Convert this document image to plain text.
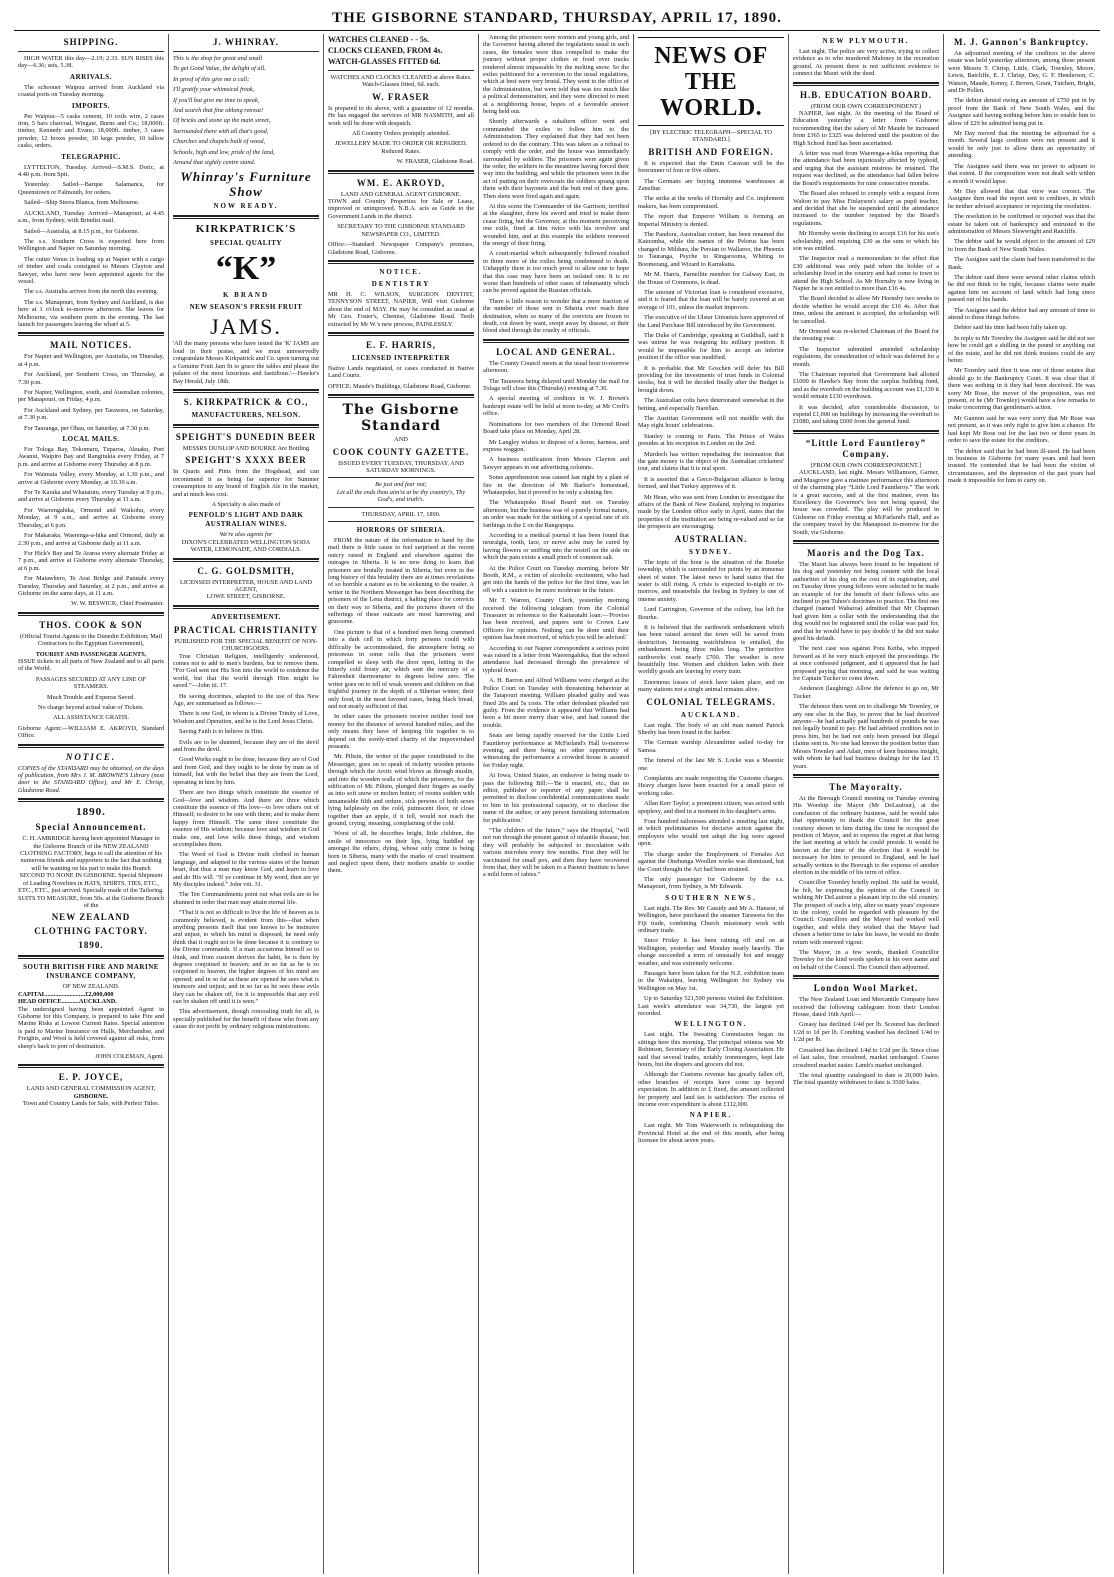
THE GISBORNE STANDARD, THURSDAY, APRIL 17, 1890.
SHIPPING.

HIGH WATER this day—2.19; 2.33. SUN RISES this day—6.36; sets, 5.38.

ARRIVALS.

The schooner Waipuu arrived from Auckland via coastal ports on Tuesday morning.

IMPORTS.

Per Waipuu—5 casks cement, 10 coils wire, 2 cases iron, 5 bars charcoal, Wingate, Burns and Co.; 18,000ft. timber, Kennedy and Evans; 18,000ft. timber, 3 cases powder, 12 boxes powder, 30 kegs powder, 10 tallow casks, orders.

TELEGRAPHIC.

LYTTELTON, Tuesday. Arrived—S.M.S. Doric, at 4.40 p.m. from Spit.

Yesterday. Sailed—Barque Salamanca, for Queenstown or Falmouth, for orders.

Sailed—Ship Sierra Blanca, from Melbourne.

AUCKLAND, Tuesday. Arrived—Manapouri, at 4.45 a.m., from Sydney, with Brindisi mail.

Sailed—Australia, at 8.15 p.m., for Gisborne.

The s.s. Southern Cross is expected here from Wellington and Napier on Saturday morning.

The cutter Venus is loading up at Napier with a cargo of timber and coals consigned to Messrs Clayton and Sawyer, who have now been appointed agents for the vessel.

The s.s. Australia arrives from the north this evening.

The s.s. Manapouri, from Sydney and Auckland, is due here at 1 o'clock to-morrow afternoon. She leaves for Melbourne, via southern ports in the evening. The last launch for passengers leaving the wharf at 5.

MAIL NOTICES.

For Napier and Wellington, per Australia, on Thursday, at 4 p.m.

For Auckland, per Southern Cross, on Thursday, at 7.30 p.m.

For Napier, Wellington, south, and Australian colonies, per Manapouri, on Friday, 4 p.m.

For Auckland and Sydney, per Tarawera, on Saturday, at 7.30 p.m.

For Tauranga, per Ohau, on Saturday, at 7.30 p.m.

LOCAL MAILS.

For Tologa Bay, Tokomaru, Tuparoa, Akuaku, Port Awanui, Waipiro Bay and Rangitukia every Friday, at 7 p.m. and arrive at Gisborne every Thursday at 8 p.m.

For Waimata Valley, every Monday, at 1.30 p.m., and arrive at Gisborne every Monday, at 10.30 a.m.

For Te Karaka and Whatatutu, every Tuesday at 9 p.m., and arrive at Gisborne every Thursday at 11 a.m.

For Waerengahika, Ormond and Waikohu, every Monday, at 9 a.m., and arrive at Gisborne every Thursday, at 6 p.m.

For Makaraka, Waerenga-a-hika and Ormond, daily at 2.30 p.m., and arrive at Gisborne daily at 11 a.m.

For Hick's Bay and Te Araroa every alternate Friday at 7 p.m., and arrive at Gisborne every alternate Thursday, at 6 p.m.

For Matawhero, Te Arai Bridge and Patutahi every Tuesday, Thursday and Saturday, at 2 p.m., and arrive at Gisborne on the same days, at 11 a.m.

W. W. BESWICK, Chief Postmaster.
THOS. COOK & SON

(Official Tourist Agents to the Dunedin Exhibition; Mail Contractors to the Egyptian Government),

TOURIST AND PASSENGER AGENTS,

ISSUE tickets to all parts of New Zealand and to all parts of the World.

PASSAGES SECURED AT ANY LINE OF STEAMERS.

Much Trouble and Expense Saved.

No charge beyond actual value of Tickets.

ALL ASSISTANCE GRATIS.

Gisborne Agent:—WILLIAM E. AKROYD, Standard Office.

NOTICE.

COPIES of the STANDARD may be obtained, on the days of publication, from Mrs J. M. BROWNE'S Library (next door to the STANDARD Office), and Mr E. Chrisp, Gladstone Road.

1890.
Special Announcement.

C. H. AMBRIDGE having been appointed Manager to the Gisborne Branch of the NEW ZEALAND CLOTHING FACTORY, begs to call the attention of his numerous friends and supporters to the fact that nothing will be wanting on his part to make this Branch SECOND TO NONE IN GISBORNE. Special Shipment of Leading Novelties in HATS, SHIRTS, TIES, ETC., ETC., ETC., just arrived. Specially made of the Tailoring. SUITS TO MEASURE, from 50s. at the Gisborne Branch of the

NEW ZEALAND
CLOTHING FACTORY.
1890.
SOUTH BRITISH FIRE AND MARINE INSURANCE COMPANY,
OF NEW ZEALAND.
CAPITAL.........................£2,000,000
HEAD OFFICE...........AUCKLAND.

The undersigned having been appointed Agent in Gisborne for this Company, is prepared to take Fire and Marine Risks at Lowest Current Rates. Special attention is paid to Marine Insurance on Hulls, Merchandise, and Freights, and Wool is held covered against all risks, from sheep's back to port of destination.

JOHN COLEMAN, Agent.
E. P. JOYCE,
LAND AND GENERAL COMMISSION AGENT,
GISBORNE.
Town and Country Lands for Sale, with Perfect Titles.
J. WHINRAY.

This is the shop for great and small

To get Good Value, the delight of all.

In proof of this give me a call;

I'll gratify your whimsical freak,

If you'll but give me time to speak,

And search that fine oblong retreat!

Of bricks and stone up the main street,

Surrounded there with all that's good,

Churches and chapels built of wood,

Schools, high and low, pride of the land,

Around that sightly centre stand.

Whinray's Furniture Show
NOW READY.
KIRKPATRICK'S
SPECIAL QUALITY
“K”
K BRAND
NEW SEASON'S FRESH FRUIT
JAMS.

'All the many persons who have tested the 'K' JAMS are loud in their praise, and we must unreservedly congratulate Messrs Kirkpatrick and Co. upon turning out a Genuine Fruit Jam fit to grace the tables and please the palates of the most luxurious and fastidious.'—Hawke's Bay Herald, July 18th.

S. KIRKPATRICK & CO.,
MANUFACTURERS, NELSON.
SPEIGHT'S DUNEDIN BEER
MESSRS DUNLOP AND BOURKE Are Bottling
SPEIGHT'S XXXX BEER

In Quarts and Pints from the Hogshead, and can recommend it as being far superior for Summer consumption to any brand of English Ale in the market, and at much less cost.

A Specialty is also made of
PENFOLD'S LIGHT AND DARK AUSTRALIAN WINES.
We're also agents for
DIXON'S CELEBRATED WELLINGTON SODA WATER, LEMONADE, AND CORDIALS.
C. G. GOLDSMITH,
LICENSED INTERPRETER, HOUSE AND LAND AGENT,
LOWE STREET, GISBORNE.
ADVERTISEMENT.
PRACTICAL CHRISTIANITY
PUBLISHED FOR THE SPECIAL BENEFIT OF NON-CHURCHGOERS.

True Christian Religion, intelligently understood, comes not to add to men's burdens, but to remove them. “For God sent not His Son into the world to condemn the world, but that the world through Him might be saved.”—John iii. 17.

He saving doctrines, adapted to the use of this New Age, are summarised as follows:—

There is one God, in whom is a Divine Trinity of Love, Wisdom and Operation, and he is the Lord Jesus Christ.

Saving Faith is to believe in Him.

Evils are to be shunned, because they are of the devil and from the devil.

Good Works ought to be done, because they are of God and from God, and they ought to be done by man as of himself, but with the belief that they are from the Lord, operating in him by him.

There are two things which constitute the essence of God—love and wisdom. And there are three which constitute the essence of His love—to love others out of Himself; to desire to be one with them; and to make them happy from Himself. The same three constitute the essence of His wisdom; because love and wisdom in God make one, and love wills these things, and wisdom accomplishes them.

The Word of God is Divine truth clothed in human language, and adapted to the various states of the human heart, that thus a man may know God, and learn to love and do His will. “If ye continue in My word, then are ye My disciples indeed.” John viii. 31.

The Ten Commandments point out what evils are to be shunned in order that man may attain eternal life.

“That it is not so difficult to live the life of heaven as is commonly believed, is evident from this—that when anything presents itself that one knows to be insincere and unjust, to which his mind is disposed, he need only think that it ought not to be done because it is contrary to the Divine commands. If a man accustoms himself so to think, and from custom derives the habit, he is then by degrees conjoined to heaven; and in so far as he is so conjoined to heaven, the higher degrees of his mind are opened; and in so far as these are opened he sees what is insincere and unjust; and in so far as he sees these evils they can be shaken off, for it is impossible that any evil can be shaken off until it is seen.”

This advertisement, though concealing truth for all, is specially published for the benefit of those who from any cause do not profit by ordinary religious ministrations.

WATCHES CLEANED - - 5s.
CLOCKS CLEANED, FROM 4s.
WATCH-GLASSES FITTED 6d.

WATCHES AND CLOCKS CLEANED at above Rates. Watch-Glasses fitted, 6d. each.

W. FRASER

Is prepared to do above, with a guarantee of 12 months. He has engaged the services of MR NASMITH, and all work will be done with despatch.

All Country Orders promptly attended.

JEWELLERY MADE TO ORDER OR REPAIRED. Reduced Rates.

W. FRASER, Gladstone Road.
WM. E. AKROYD,
LAND AND GENERAL AGENT GISBORNE.

TOWN and Country Properties for Sale or Lease, improved or unimproved. N.B.A. acts as Guide to the Government Lands in the district.

SECRETARY TO THE GISBORNE STANDARD NEWSPAPER CO., LIMITED.

Office:—Standard Newspaper Company's premises, Gladstone Road, Gisborne.

NOTICE.
DENTISTRY

MR H. C. WILSON, SURGEON DENTIST, TENNYSON STREET, NAPIER, Will visit Gisborne about the end of MAY. He may be consulted as usual at Mr Geo. Foster's, Chemist, Gladstone Road. Teeth extracted by Mr W.'s new process, PAINLESSLY.

E. F. HARRIS,
LICENSED INTERPRETER

Native Lands negotiated, or cases conducted in Native Land Courts.

OFFICE: Maude's Buildings, Gladstone Road, Gisborne.

The Gisborne Standard
AND
COOK COUNTY GAZETTE.
ISSUED EVERY TUESDAY, THURSDAY, AND SATURDAY MORNINGS.
Be just and fear not;
Let all the ends thou aim'st at be thy country's, Thy God's, and truth's.
THURSDAY, APRIL 17, 1890.
HORRORS OF SIBERIA.

FROM the nature of the information to hand by the mail there is little cause to feel surprised at the recent outcry raised in England and elsewhere against the outrages in Siberia. It is no new thing to learn that prisoners are brutally treated in Siberia, but even in the long history of this brutality there are at times revelations of so horrible a nature as to be sickening to the reader. A writer in the Northern Messenger has been describing the prisoners of the Lena district, a halting place for convicts on their way to Siberia, and the pictures drawn of the sufferings of these outcasts are most harrowing and gruesome.

One picture is that of a hundred men being crammed into a dark cell in which forty persons could with difficulty be accommodated, the atmosphere being so poisonous in some cells that the prisoners were compelled to sleep with the door open, letting in the bitterly cold frosty air, which sent the mercury of a Fahrenheit thermometer to degrees below zero. The writer goes on to tell of weak women and children on that frightful journey in the depth of a Siberian winter, their only food, in the most favored cases, being black bread, and not nearly sufficient of that.

In other cases the prisoners receive neither food nor money for the distance of several hundred miles, and the only means they have of keeping life together is to depend on the sorely-tried charity of the impoverished peasants.

Mr. Piltsin, the writer of the paper contributed to the Messenger, goes on to speak of ricketty wooden prisons through which the Arctic wind blows as through muslin, and into the wooden walls of which the prisoners, for the edification of Mr. Piltsin, plunged their fingers as easily as into soft snow or molten butter; of rooms sodden with unnameable filth and ordure, sick persons of both sexes lying helplessly on the cold, putrescent floor, or close together than an apple, if it fell, would not reach the ground, crying, moaning, complaining of the cold.

Worst of all, he describes bright, little children, the smile of innocence on their lips, lying huddled up amongst the others, dying, whose only crime is being born in Siberia, many with the marks of cruel treatment and neglect upon them, their mothers unable to soothe them.

Among the prisoners were women and young girls, and the Governor having altered the regulations usual in such cases, the females were thus compelled to make the journey without proper clothes or food over tracks rendered almost impassable by the melting snow. So the exiles petitioned for a reversion to the usual regulations, which at best were very brutal. They went to the office of the Administration, but were told that was too much like a political demonstration, and they were directed to meet at a neighboring house, hopes of a favorable answer being held out.

Shortly afterwards a subaltern officer went and commanded the exiles to follow him to the Administration. They explained that they had not been ordered to do the contrary. This was taken as a refusal to comply with the order, and the house was immediately surrounded by soldiers. The prisoners were again given the order, the soldiers in the meantime having forced their way into the building, and while the prisoners were in the act of putting on their overcoats the soldiers sprang upon them with their bayonets and the butt end of their guns. Then shots were fired again and again.

At this scene the Commander of the Garrison, terrified at the slaughter, drew his sword and tried to make them cease firing, but the Governor, at this moment perceiving one exile, fired at him twice with his revolver and wounded him, and at this example the soldiers renewed the energy of their firing.

A court-martial which subsequently followed resulted in three more of the exiles being condemned to death. Unhappily there is too much proof to allow one to hope that this case may have been an isolated one. It is no worse than hundreds of other cases of inhumanity which can be proved against the Russian officials.

There is little reason to wonder that a mere fraction of the number of those sent to Siberia ever reach their destination, when so many of the convicts are frozen to death, cut down by want, swept away by disease, or their blood shed through the cruelty of officials.

LOCAL AND GENERAL.

The County Council meets at the usual hour to-morrow afternoon.

The Tarawera being delayed until Monday the mail for Tolaga will close this (Thursday) evening at 7.30.

A special meeting of creditors in W. J. Brown's bankrupt estate will be held at noon to-day, at Mr Croft's office.

Nominations for two members of the Ormond Road Board take place on Monday, April 28.

Mr Langley wishes to dispose of a horse, harness, and express waggon.

A business notification from Messrs Clayton and Sawyer appears in our advertising columns.

Some apprehension was caused last night by a plant of fire in the direction of Mr Barker's homestead, Whataupoko, but it proved to be only a shining fire.

The Whataupoko Road Board met on Tuesday afternoon, but the business was of a purely formal nature, an order was made for the striking of a special rate of six farthings in the £ on the Rangopapa.

According to a medical journal it has been found that neuralgia, tooth, face, or nerve ache may be cured by having flowers or sniffing into the nostril on the side on which the pain exists a small pinch of common salt.

At the Police Court on Tuesday morning, before Mr Booth, R.M., a victim of alcoholic excitement, who had got into the hands of the police for the first time, was let off with a caution to be more moderate in the future.

Mr T. Warren, County Clerk, yesterday morning received the following telegram from the Colonial Treasurer in reference to the Kaitaratahi loan:—'Proviso has been received, and papers sent to Crown Law Officers for opinion. Nothing can be done until their opinion has been received, of which you will be advised.'

According to our Napier correspondent a serious point was raised in a letter from Waerengahika, that the school attendance had decreased through the prevalence of typhoid fever.

A. H. Barron and Alfred Williams were charged at the Police Court on Tuesday with threatening behaviour at the Tatapouri meeting. William pleaded guilty and was fined 20s and 5s costs. The other defendant pleaded not guilty. From the evidence it appeared that Williams had been a bit more merry than wise, and had caused the trouble.

Seats are being rapidly reserved for the Little Lord Fauntleroy performance at McFarland's Hall to-morrow evening, and there being no other opportunity of witnessing the performance a crowded house is assured for Friday night.

At Iowa, United States, an endeavor is being made to pass the following Bill:—'Be it enacted, etc., that no editor, publisher or reporter of any paper shall be permitted to disclose confidential communications made to him in his professional capacity, or to disclose the name of the author, or any person furnishing information for publication.'

“The children of the future,” says the Hospital, “will not run through the present gamut of infantile disease, but they will probably be subjected to inoculation with various microbes every few months. First they will be vaccinated for small pox, and then they have recovered from that, they will be taken to a Pasteur Institute to have a mild form of rabies.”

NEWS OF THE WORLD.
[BY ELECTRIC TELEGRAPH—SPECIAL TO STANDARD.]
BRITISH AND FOREIGN.

It is expected that the Emin Caravan will be the forerunner of four or five others.

The Germans are buying immense warehouses at Zanzibar.

The strike at the works of Hornsby and Co. implement makers, has been compromised.

The report that Emperor William is forming an Imperial Ministry is denied.

The Pandora, Australian cruiser, has been renamed the Katoomba, while the names of the Pelorus has been changed to Mildura, the Persian to Wallaroo, the Phoenix to Tauranga, Psyche to Ringarooma, Whiting to Boomerang, and Wizard to Karrakatta.

Mr M. Harris, Parnellite member for Galway East, in the House of Commons, is dead.

The amount of Victorian loan is considered excessive, and it is feared that the loan will be barely covered at an average of 101, unless the market improves.

The executive of the Ulster Unionists have approved of the Land Purchase Bill introduced by the Government.

The Duke of Cambridge, speaking at Guildhall, said it was untrue he was resigning his military position. It would be impossible for him to accept an inferior position if the office was modified.

It is probable that Mr Goschen will defer his Bill providing for the investments of trust funds in Colonial stocks, but it will be decided finally after the Budget is brought down.

The Australian colts have deteriorated somewhat in the betting, and especially Narellan.

The Austrian Government will not meddle with the May eight hours' celebrations.

Stanley is coming to Paris. The Prince of Wales presides at his reception in London on the 2nd.

Murdoch has written repudiating the insinuation that the gate money is the object of the Australian cricketers' tour, and claims that it is real sport.

It is asserted that a Greco-Bulgarian alliance is being formed, and that Turkey approves of it.

Mr Hean, who was sent from London to investigate the affairs of the Bank of New Zealand, replying to inquiries made by the London office early in April, states that the properties of the institution are being re-valued and so far the prospects are encouraging.

AUSTRALIAN.
SYDNEY.

The topic of the hour is the situation of the Bourke township, which is surrounded for points by an immense sheet of water. The latest news to hand states that the water is still rising. A crisis is expected to-night or to-morrow, and meanwhile the feeling in Sydney is one of intense anxiety.

Lord Carrington, Governor of the colony, has left for Bourke.

It is believed that the earthwork embankment which has been raised around the town will be saved from destruction. Increasing watchfulness is entailed, the embankment being three miles long. The protective earthworks cost nearly £700. The weather is now beautifully fine. Women and children laden with their worldly goods are leaving by every train.

Enormous losses of stock have taken place, and on many stations not a single animal remains alive.

COLONIAL TELEGRAMS.
AUCKLAND.

Last night. The body of an old man named Patrick Sheehy has been found in the harbor.

The German warship Alexandrine sailed to-day for Samoa.

The funeral of the late Mr S. Locke was a Masonic one.

Complaints are made respecting the Customs charges. Heavy charges have been exacted for a small piece of working cake.

Allan Kerr Taylor, a prominent citizen, was seized with apoplexy, and died in a moment in his daughter's arms.

Four hundred tailoresses attended a meeting last night, at which preliminaries for decisive action against the employers who would not adopt the log were agreed upon.

The charge under the Employment of Females Act against the Onehunga Woollen works was dismissed, but the Court thought the Act had been strained.

The only passenger for Gisborne by the s.s. Manapouri, from Sydney, is Mr Edwards.

SOUTHERN NEWS.

Last night. The Rev. Mr Cassidy and Mr A. Hanson, of Wellington, have purchased the steamer Tarawera for the Fiji trade, combining Church missionary work with ordinary trade.

Since Friday it has been raining off and on at Wellington, yesterday and Monday nearly heavily. The change succeeded a term of unusually hot and muggy weather, and was extremely welcome.

Passages have been taken for the N.Z. exhibition team in the Wakatipu, leaving Wellington for Sydney via Wellington on May 1st.

Up to Saturday 521,590 persons visited the Exhibition. Last week's attendance was 34,730, the largest yet recorded.

WELLINGTON.

Last night. The Sweating Commission began its sittings here this morning. The principal witness was Mr Robinson, Secretary of the Early Closing Association. He said that several trades, notably ironmongers, kept late hours, but the drapers and grocers did not.

Although the Customs revenue has greatly fallen off, other branches of receipts have come up beyond expectation. In addition to £ fixed, the amount collected for property and land tax is satisfactory. The excess of income over expenditure is about £112,000.

NAPIER.

Last night. Mr Tom Waterworth is relinquishing the Provincial Hotel at the end of this month, after being licensee for about seven years.

NEW PLYMOUTH.

Last night. The police are very active, trying to collect evidence as to who murdered Maloney in the recreation ground. At present there is not sufficient evidence to connect the Maori with the deed.

H.B. EDUCATION BOARD.
(FROM OUR OWN CORRESPONDENT.)

NAPIER, last night. At the meeting of the Board of Education yesterday a letter from Gisborne recommending that the salary of Mr Maude be increased from £365 to £325 was deferred until the position of the High School fund has been ascertained.

A letter was read from Waerenga-a-hika reporting that the attendance had been injuriously affected by typhoid, and urging that the assistant mistress be retained. The request was declined, as the attendance had fallen below the Board's requirements for nine consecutive months.

The Board also refused to comply with a request from Walton to pay Miss Finlayson's salary as pupil teacher, and decided that she be suspended until the attendance increased to the number required by the Board's regulations.

Mr Hornsby wrote declining to accept £16 for his son's scholarship, and requiring £30 as the sum to which his son was entitled.

The Inspector read a memorandum to the effect that £30 additional was only paid when the holder of a scholarship lived in the country and had come to town to attend the High School. As Mr Hornsby is now living in Napier he is not entitled to more than £16 4s.

The Board decided to allow Mr Hornsby two weeks to decide whether he would accept the £16 4s. After that time, unless the amount is accepted, the scholarship will be cancelled.

Mr Ormond was re-elected Chairman of the Board for the ensuing year.

The Inspector submitted amended scholarship regulations, the consideration of which was deferred for a month.

The Chairman reported that Government had allotted £1000 to Hawke's Bay from the surplus building fund, and as the overdraft on the building account was £1,130 it would remain £130 overdrawn.

It was decided, after considerable discussion, to expend £1,000 on buildings by increasing the overdraft to £1080, and taking £600 from the general fund.

“Little Lord Fauntleroy” Company.
[FROM OUR OWN CORRESPONDENT.]

AUCKLAND, last night. Messrs Williamson, Garner, and Musgrove gave a matinee performance this afternoon of the charming play “Little Lord Fauntleroy.” The work is a great success, and at the first matinee, even his Excellency the Governor's box not being spared, the house was crowded. The play will be produced in Gisborne on Friday evening at McFarland's Hall, and as the company travel by the Manapouri to-morrow for the South, via Gisborne.

Maoris and the Dog Tax.

The Maori has always been found to be impatient of his dog and yesterday not being content with the local authorities of his dog on the cost of its registration, and on Tuesday three young fellows were selected to be made an example of for the benefit of their fellows who are inclined to put Tuhoe's doctrines to practice. The first one charged (named Waharoa) admitted that Mr Chapman had given him a collar with the understanding that the dog would not be registered until the collar was paid for, and that he would have to pay double if he did not make good his default.

The next case was against Pora Keiha, who tripped forward as if he very much enjoyed the proceedings. He at once confessed judgment, and it appeared that he had proposed paying that morning, and said he was waiting for Captain Tucker to come down.

Anderson (laughing): Allow the defence to go on, Mr Tucker.

The defence then went on to challenge Mr Townley, or any one else in the Bay, to prove that he had deceived anyone—he had actually paid hundreds of pounds he was not legally bound to pay. He had advised creditors not to press him, but he had not only been pressed but illegal claims sent in. No one had known the position better than Messrs Townley and Adair, men of keen business insight, with whom he had had business dealings for the last 15 years.

The Mayoralty.

At the Borough Council meeting on Tuesday evening His Worship the Mayor (Mr DeLautour), at the conclusion of the ordinary business, said he would take that opportunity to thank the Council for the great courtesy shown to him during the time he occupied the position of Mayor, and to express the regret at that being the last meeting at which he could preside. It would be known at the time of the election that it would be necessary for him to proceed to England, and he had actually written to the Borough to the expense of another election in the middle of his term of office.

Councillor Townley briefly replied. He said he would, he felt, be expressing the opinion of the Council in wishing Mr DeLautour a pleasant trip to the old country. The prospect of such a trip, after so many years' exposure in the colony, could be regarded with pleasure by the Council. Councillors and the Mayor had worked well together, and while they wished that the Mayor had chosen a better time to take his leave, he would no doubt return with renewed vigour.

The Mayor, in a few words, thanked Councillor Townley for the kind words spoken in his own name and on behalf of the Council. The Council then adjourned.

London Wool Market.

The New Zealand Loan and Mercantile Company have received the following cablegram from their London House, dated 16th April:—

Greasy has declined 1/4d per lb. Scoured has declined 1/2d to 1d per lb. Combing washed has declined 1/4d to 1/2d per lb.

Crossbred has declined 1/4d to 1/2d per lb. Since close of last sales, fine crossbred, market unchanged. Coarse crossbred market easier. Lamb's market unchanged.

The total quantity catalogued to date is 20,000 bales. The total quantity withdrawn to date is 3500 bales.

M. J. Gannon's Bankruptcy.

An adjourned meeting of the creditors in the above estate was held yesterday afternoon, among those present were Messrs T. Chrisp, Little, Clark, Townley, Moore, Lewis, Batcliffe, E. J. Chrisp, Day, G. F. Henderson, C. Watson, Maude, Kenny, J. Brown, Grant, Tutchen, Bright, and Dr Pollen.

The debtor denied owing an amount of £750 put in by proof from the Bank of New South Wales, and the Assignee said having nothing before him to enable him to allow of £29 he admitted being put in.

Mr Day moved that the meeting be adjourned for a month. Several large creditors were not present and it would be only just to allow them an opportunity of attending.

The Assignee said there was no power to adjourn to that extent. If the composition were not dealt with within a month it would lapse.

Mr Day allowed that that view was correct. The Assignee then read the report sent to creditors, in which he neither advised acceptance or rejecting the resolution.

The resolution to be confirmed or rejected was that the estate be taken out of bankruptcy and entrusted to the administration of Messrs Slewwright and Ratcliffe.

The debtor said he would object to the amount of £29 to from the Bank of New South Wales.

The Assignee said the claim had been transferred to the Bank.

The debtor said there were several other claims which he did not think to be right, because claims were made against him on account of land which had long since passed out of his hands.

The Assignee said the debtor had any amount of time to attend to these things before.

Debtor said his time had been fully taken up.

In reply to Mr Townley the Assignee said he did not see how he could get a shilling in the pound or anything out of the estate, and he did not think trustees could do any better.

Mr Townley said then it was one of those estates that should go to the Bankruptcy Court. It was clear that if there was nothing in it they had been deceived. He was sorry Mr Rose, the mover of the proposition, was not present, or he (Mr Townley) would have a few remarks to make concerning that gentleman's action.

Mr Gannon said he was very sorry that Mr Rose was not present, as it was only right to give him a chance. He had kept Mr Rose out for the last two or three years in order to save the estate for the creditors.

The debtor said that he had been ill-used. He had been in business in Gisborne for many years and had been trusted. He contended that he had been the victim of circumstances, and the depression of the past years had made it impossible for him to carry on.
